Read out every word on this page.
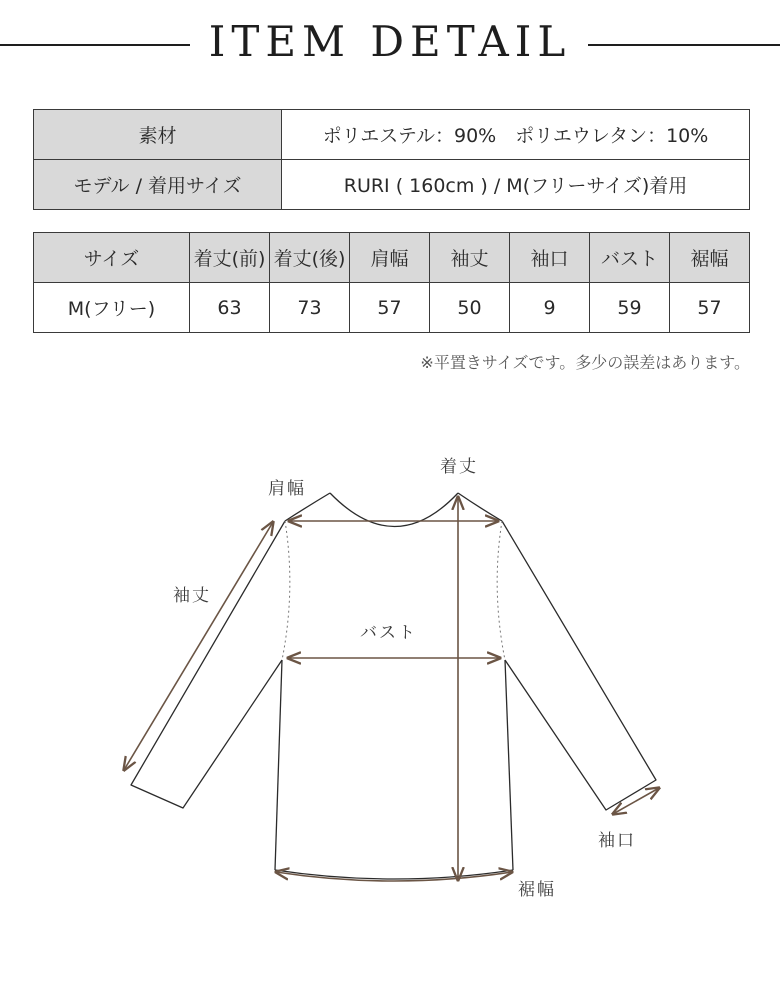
ITEM DETAIL
素材	ポリエステル：90%　ポリエウレタン：10%
モデル / 着用サイズ	RURI ( 160cm ) / M(フリーサイズ)着用
サイズ	着丈(前)	着丈(後)	肩幅	袖丈	袖口	バスト	裾幅
M(フリー)	63	73	57	50	9	59	57
※平置きサイズです。多少の誤差はあります。
着丈
肩幅
袖丈
バスト
袖口
裾幅
